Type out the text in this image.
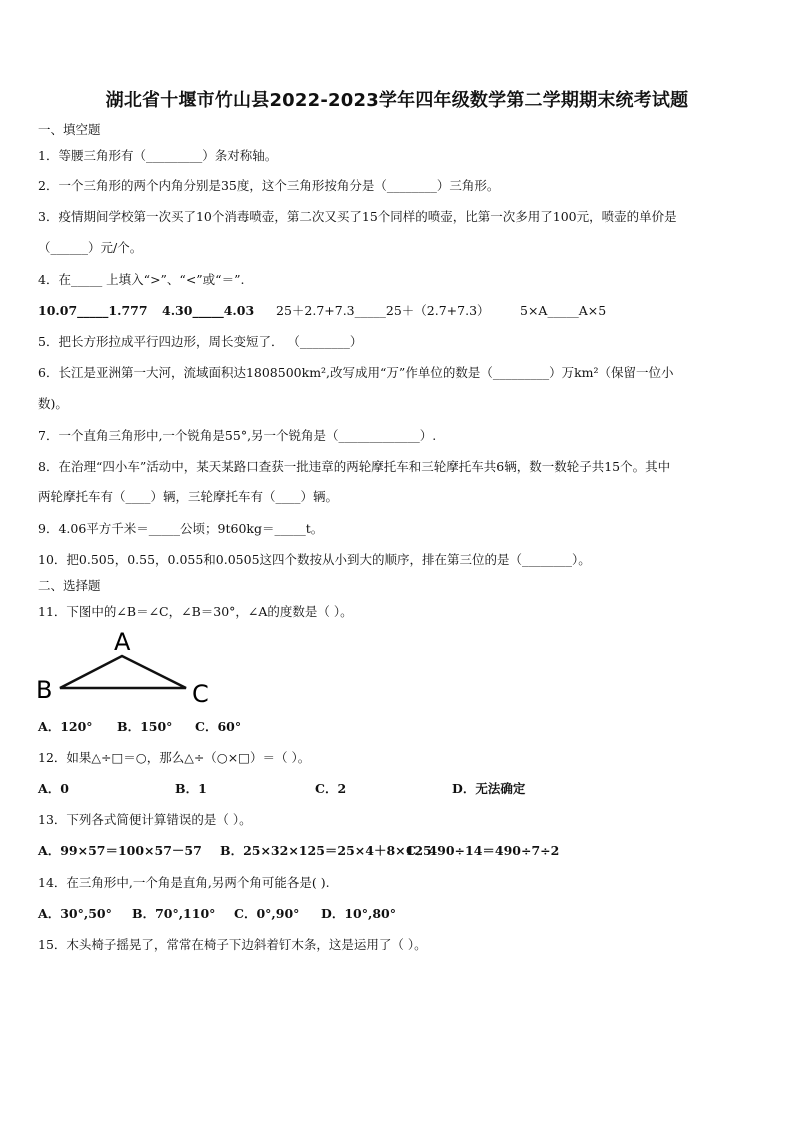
湖北省十堰市竹山县2022-2023学年四年级数学第二学期期末统考试题
一、填空题
1．等腰三角形有（_________）条对称轴。
2．一个三角形的两个内角分别是35度，这个三角形按角分是（________）三角形。
3．疫情期间学校第一次买了10个消毒喷壶，第二次又买了15个同样的喷壶，比第一次多用了100元，喷壶的单价是
（______）元/个。
4．在_____ 上填入“>”、“<”或“＝”.
10.07_____1.777 4.30_____4.03 25＋2.7+7.3_____25＋（2.7+7.3） 5×A_____A×5
5．把长方形拉成平行四边形，周长变短了． （________）
6．长江是亚洲第一大河，流域面积达1808500km²,改写成用“万”作单位的数是（_________）万km²（保留一位小
数)。
7．一个直角三角形中,一个锐角是55°,另一个锐角是（_____________）.
8．在治理“四小车”活动中，某天某路口查获一批违章的两轮摩托车和三轮摩托车共6辆，数一数轮子共15个。其中
两轮摩托车有（____）辆，三轮摩托车有（____）辆。
9．4.06平方千米＝_____公顷；9t60kg＝_____t。
10．把0.505，0.55，0.055和0.0505这四个数按从小到大的顺序，排在第三位的是（________）。
二、选择题
11．下图中的∠B＝∠C，∠B＝30°，∠A的度数是（ ）。
A
B	C
A．120° B．150° C．60°
12．如果△÷□＝○，那么△÷（○×□）＝（ ）。
A．0	B．1	C．2	D．无法确定
13．下列各式简便计算错误的是（ ）。
A．99×57＝100×57－57 B．25×32×125＝25×4＋8×125
C．490÷14＝490÷7÷2
14．在三角形中,一个角是直角,另两个角可能各是( ).
A．30°,50° B．70°,110° C．0°,90° D．10°,80°
15．木头椅子摇晃了，常常在椅子下边斜着钉木条，这是运用了（ ）。
